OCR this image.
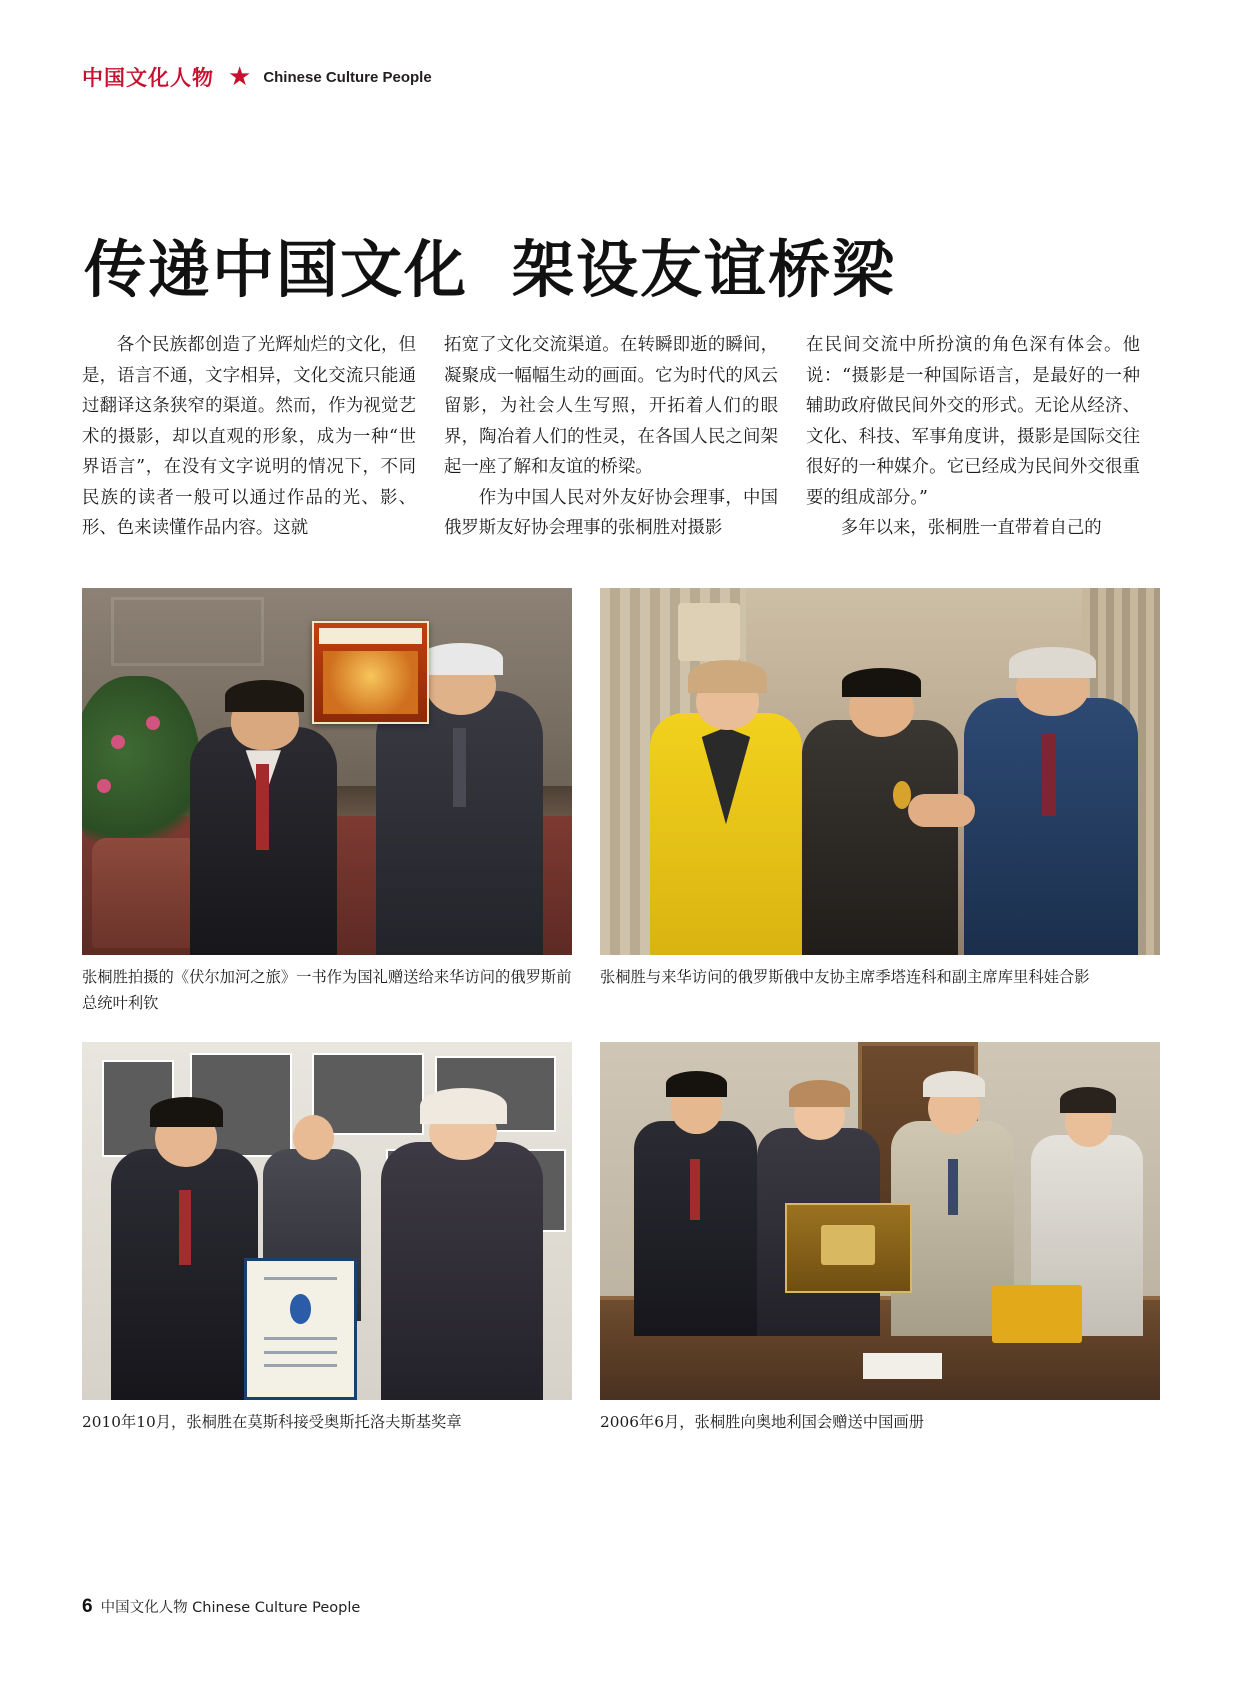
中国文化人物 ★ Chinese Culture People
传递中国文化 架设友谊桥梁

各个民族都创造了光辉灿烂的文化，但是，语言不通，文字相异，文化交流只能通过翻译这条狭窄的渠道。然而，作为视觉艺术的摄影，却以直观的形象，成为一种“世界语言”，在没有文字说明的情况下，不同民族的读者一般可以通过作品的光、影、形、色来读懂作品内容。这就

拓宽了文化交流渠道。在转瞬即逝的瞬间，凝聚成一幅幅生动的画面。它为时代的风云留影，为社会人生写照，开拓着人们的眼界，陶冶着人们的性灵，在各国人民之间架起一座了解和友谊的桥梁。

作为中国人民对外友好协会理事，中国俄罗斯友好协会理事的张桐胜对摄影

在民间交流中所扮演的角色深有体会。他说：“摄影是一种国际语言，是最好的一种辅助政府做民间外交的形式。无论从经济、文化、科技、军事角度讲，摄影是国际交往很好的一种媒介。它已经成为民间外交很重要的组成部分。”

多年以来，张桐胜一直带着自己的

张桐胜拍摄的《伏尔加河之旅》一书作为国礼赠送给来华访问的俄罗斯前总统叶利钦
张桐胜与来华访问的俄罗斯俄中友协主席季塔连科和副主席库里科娃合影
2010年10月，张桐胜在莫斯科接受奥斯托洛夫斯基奖章	2006年6月，张桐胜向奥地利国会赠送中国画册
6 中国文化人物 Chinese Culture People
